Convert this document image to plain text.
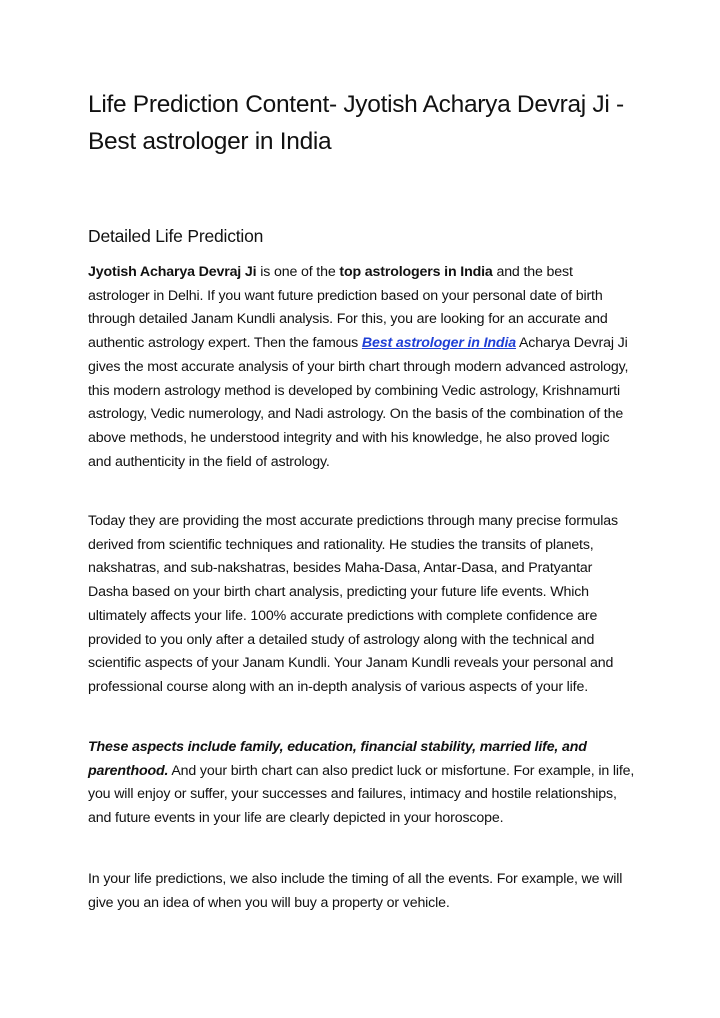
Life Prediction Content- Jyotish Acharya Devraj Ji - Best astrologer in India
Detailed Life Prediction

Jyotish Acharya Devraj Ji is one of the top astrologers in India and the best astrologer in Delhi. If you want future prediction based on your personal date of birth through detailed Janam Kundli analysis. For this, you are looking for an accurate and authentic astrology expert. Then the famous Best astrologer in India Acharya Devraj Ji gives the most accurate analysis of your birth chart through modern advanced astrology, this modern astrology method is developed by combining Vedic astrology, Krishnamurti astrology, Vedic numerology, and Nadi astrology. On the basis of the combination of the above methods, he understood integrity and with his knowledge, he also proved logic and authenticity in the field of astrology.

Today they are providing the most accurate predictions through many precise formulas derived from scientific techniques and rationality. He studies the transits of planets, nakshatras, and sub-nakshatras, besides Maha-Dasa, Antar-Dasa, and Pratyantar Dasha based on your birth chart analysis, predicting your future life events. Which ultimately affects your life. 100% accurate predictions with complete confidence are provided to you only after a detailed study of astrology along with the technical and scientific aspects of your Janam Kundli. Your Janam Kundli reveals your personal and professional course along with an in-depth analysis of various aspects of your life.

These aspects include family, education, financial stability, married life, and parenthood. And your birth chart can also predict luck or misfortune. For example, in life, you will enjoy or suffer, your successes and failures, intimacy and hostile relationships, and future events in your life are clearly depicted in your horoscope.

In your life predictions, we also include the timing of all the events. For example, we will give you an idea of when you will buy a property or vehicle.
